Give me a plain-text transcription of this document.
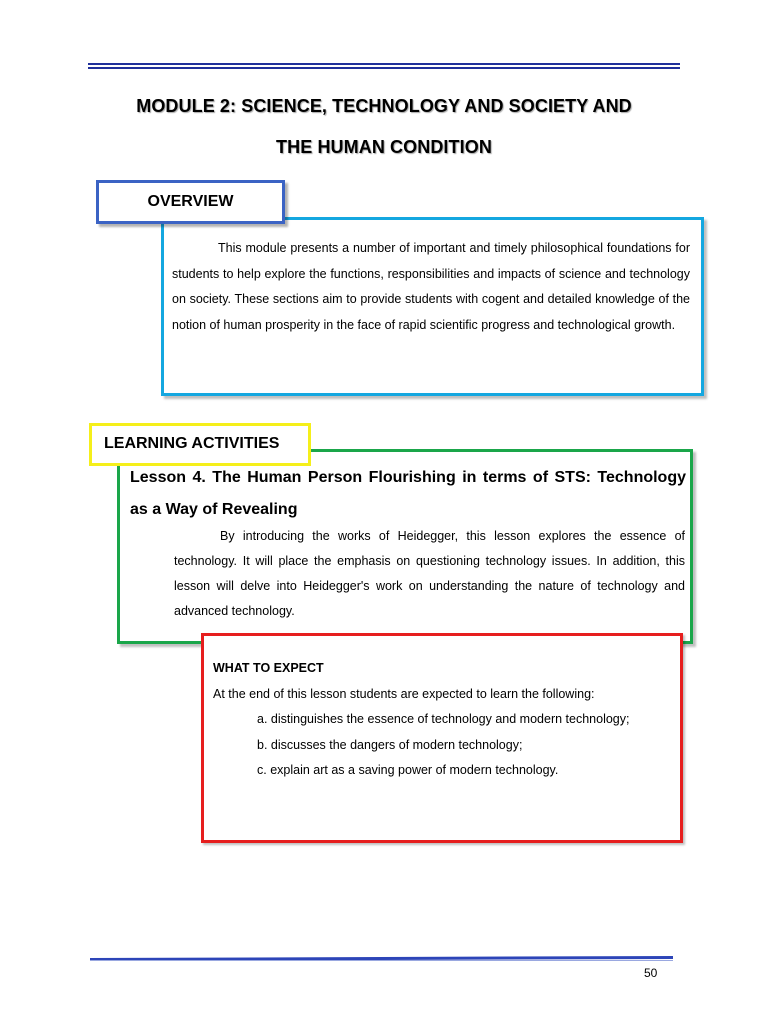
MODULE 2: SCIENCE, TECHNOLOGY AND SOCIETY AND
THE HUMAN CONDITION
OVERVIEW
This module presents a number of important and timely philosophical foundations for students to help explore the functions, responsibilities and impacts of science and technology on society. These sections aim to provide students with cogent and detailed knowledge of the notion of human prosperity in the face of rapid scientific progress and technological growth.
LEARNING ACTIVITIES
Lesson 4. The Human Person Flourishing in terms of STS: Technology as a Way of Revealing
By introducing the works of Heidegger, this lesson explores the essence of technology. It will place the emphasis on questioning technology issues. In addition, this lesson will delve into Heidegger's work on understanding the nature of technology and advanced technology.
WHAT TO EXPECT
At the end of this lesson students are expected to learn the following:
a. distinguishes the essence of technology and modern technology;
b. discusses the dangers of modern technology;
c. explain art as a saving power of modern technology.
50
